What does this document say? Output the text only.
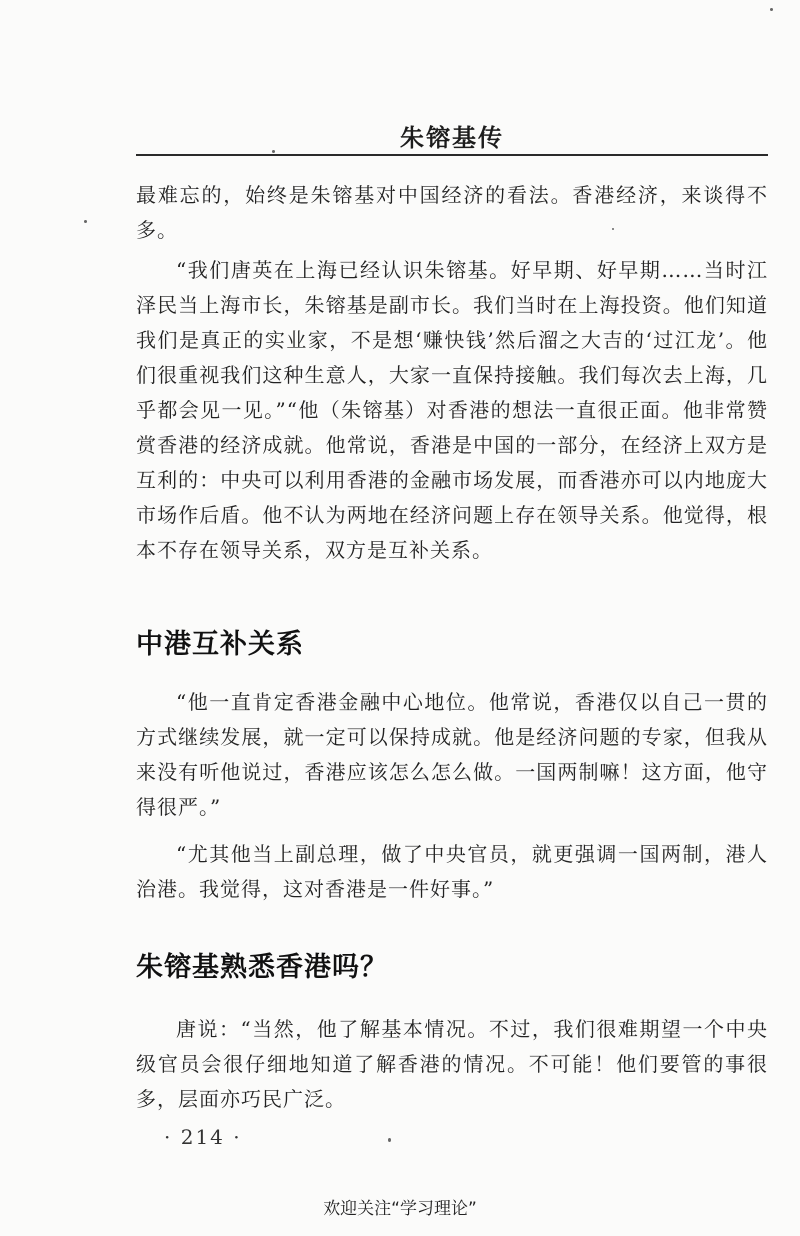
朱镕基传
最难忘的，始终是朱镕基对中国经济的看法。香港经济，来谈得不多。
“我们唐英在上海已经认识朱镕基。好早期、好早期……当时江泽民当上海市长，朱镕基是副市长。我们当时在上海投资。他们知道我们是真正的实业家，不是想‘赚快钱’然后溜之大吉的‘过江龙’。他们很重视我们这种生意人，大家一直保持接触。我们每次去上海，几乎都会见一见。”“他（朱镕基）对香港的想法一直很正面。他非常赞赏香港的经济成就。他常说，香港是中国的一部分，在经济上双方是互利的：中央可以利用香港的金融市场发展，而香港亦可以内地庞大市场作后盾。他不认为两地在经济问题上存在领导关系。他觉得，根本不存在领导关系，双方是互补关系。
中港互补关系
“他一直肯定香港金融中心地位。他常说，香港仅以自己一贯的方式继续发展，就一定可以保持成就。他是经济问题的专家，但我从来没有听他说过，香港应该怎么怎么做。一国两制嘛！这方面，他守得很严。”
“尤其他当上副总理，做了中央官员，就更强调一国两制，港人治港。我觉得，这对香港是一件好事。”
朱镕基熟悉香港吗？
唐说：“当然，他了解基本情况。不过，我们很难期望一个中央级官员会很仔细地知道了解香港的情况。不可能！他们要管的事很多，层面亦巧民广泛。
· 214 ·
欢迎关注“学习理论”
